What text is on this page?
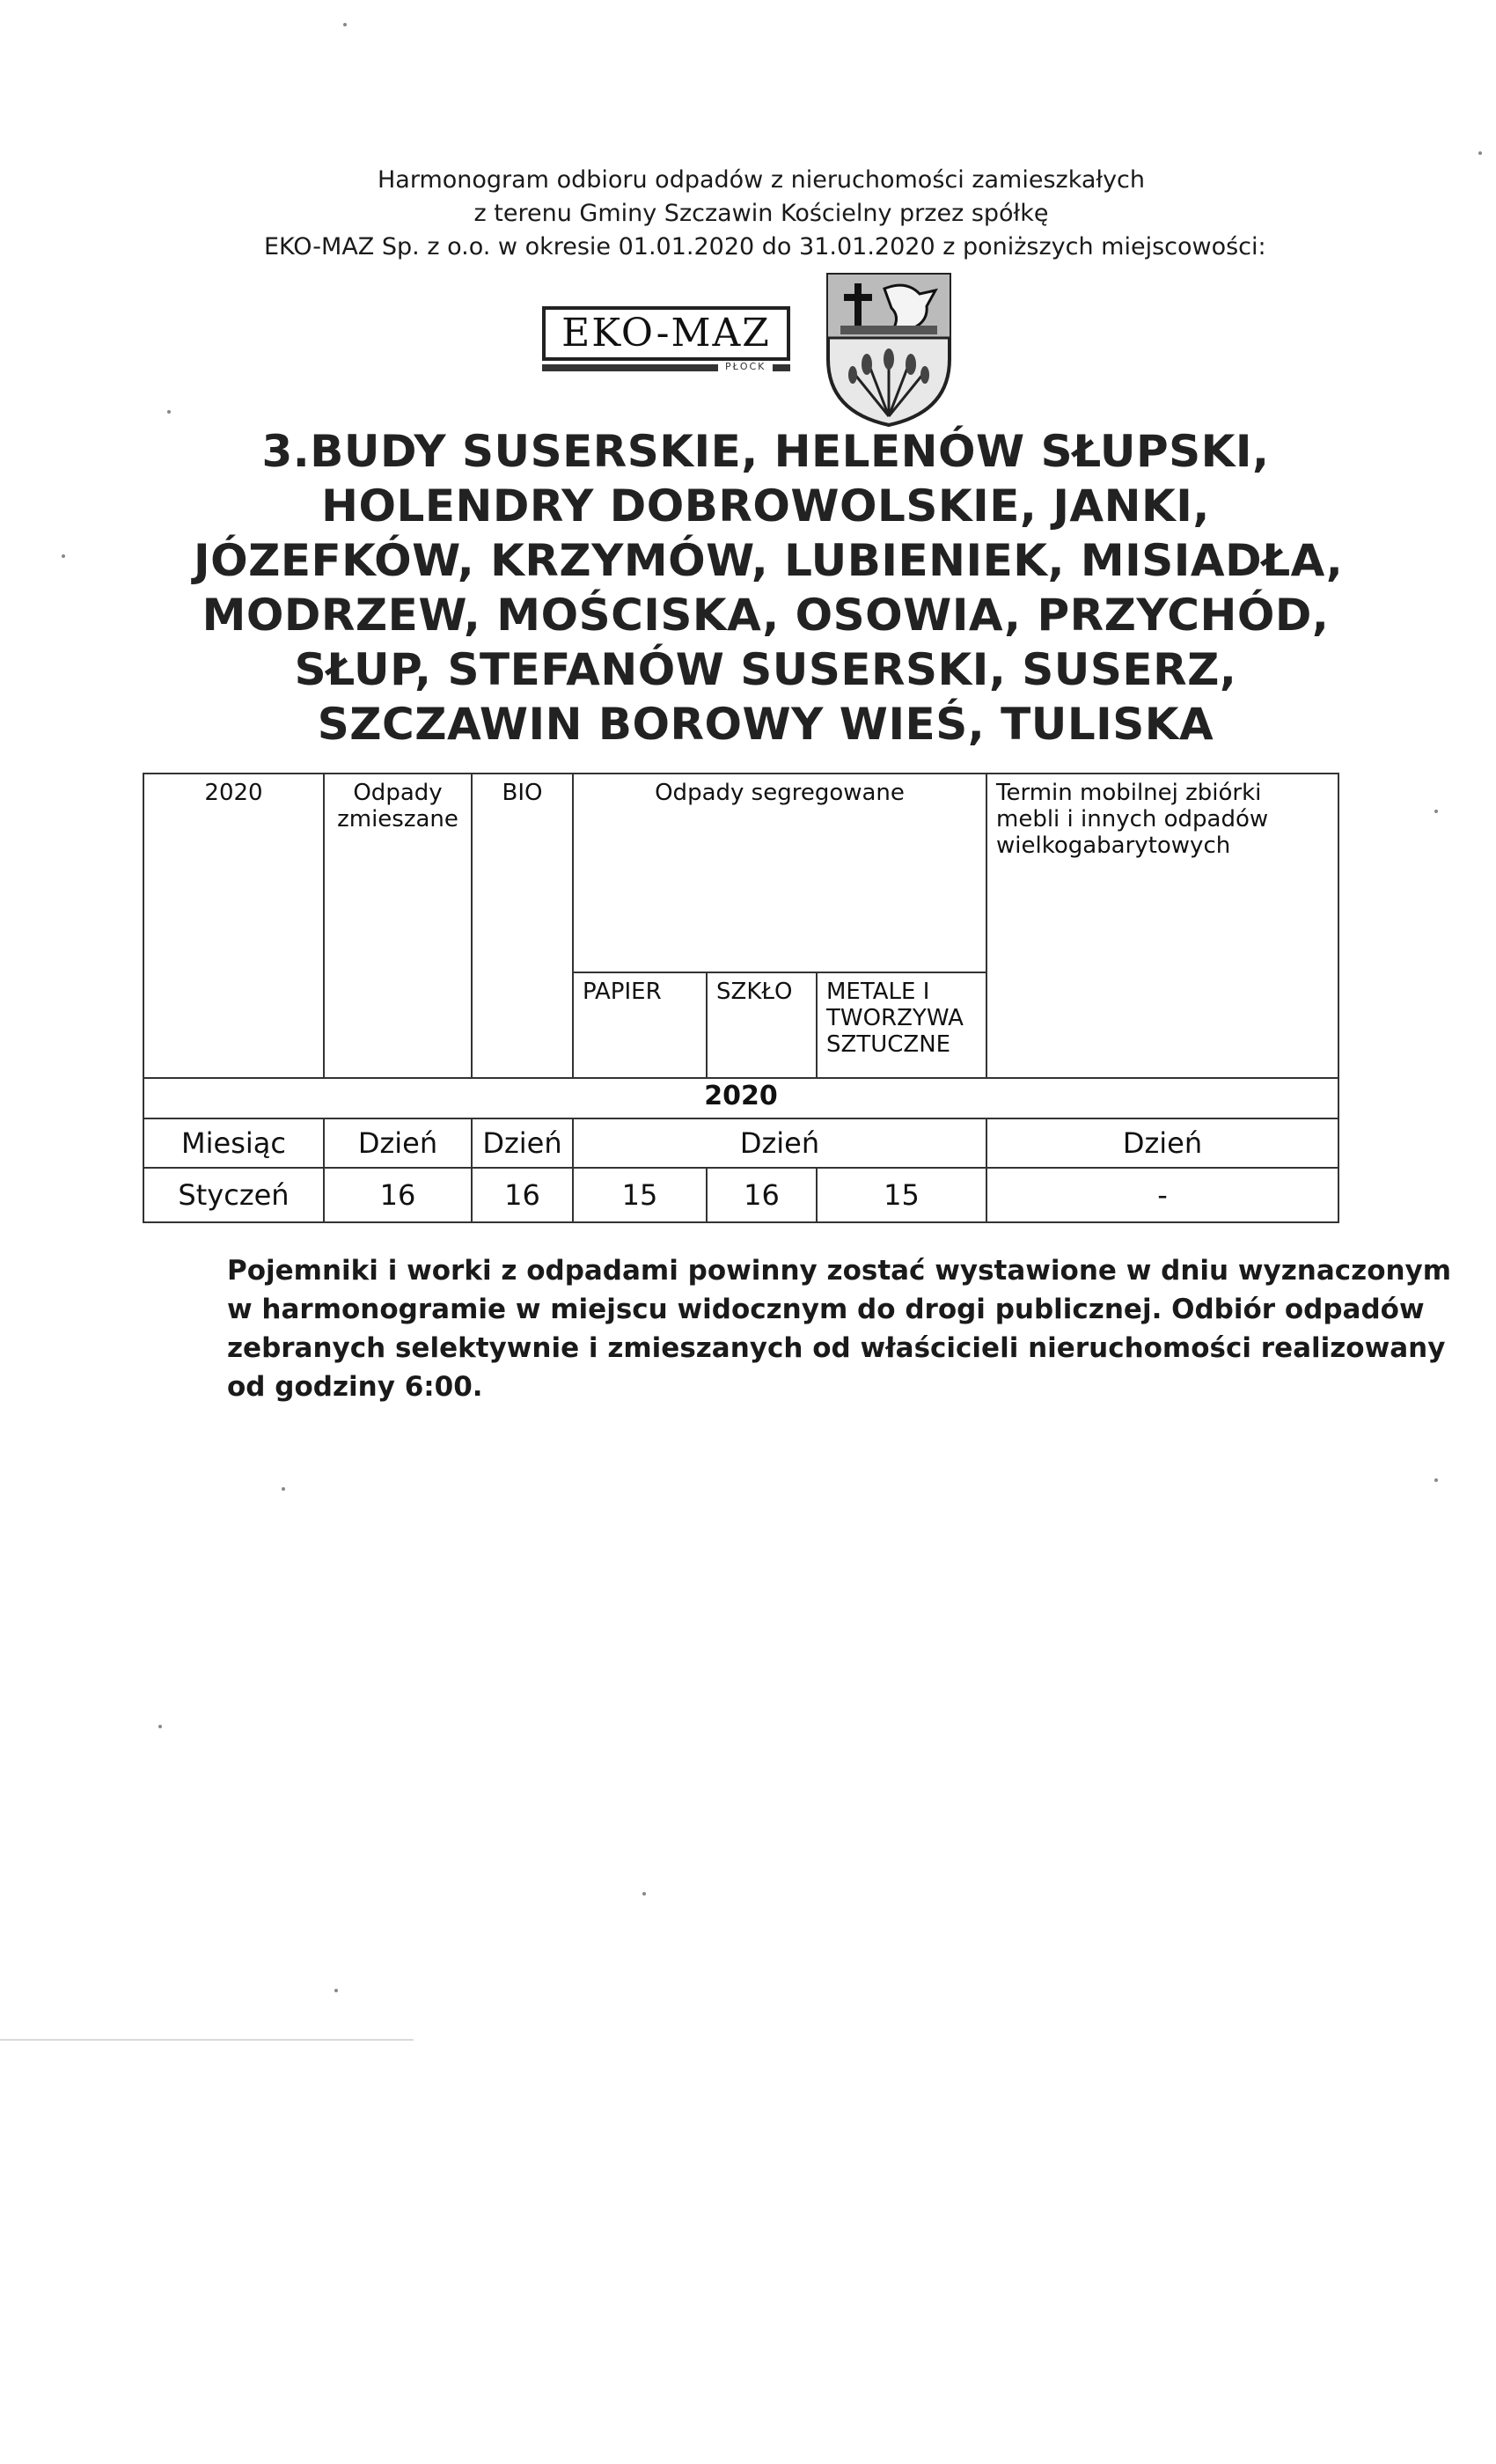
Harmonogram odbioru odpadów z nieruchomości zamieszkałych
z terenu Gminy Szczawin Kościelny przez spółkę
EKO-MAZ Sp. z o.o. w okresie 01.01.2020 do 31.01.2020 z poniższych miejscowości:
EKO-MAZ
PŁOCK
3.BUDY SUSERSKIE, HELENÓW SŁUPSKI,
HOLENDRY DOBROWOLSKIE, JANKI,
JÓZEFKÓW, KRZYMÓW, LUBIENIEK, MISIADŁA,
MODRZEW, MOŚCISKA, OSOWIA, PRZYCHÓD,
SŁUP, STEFANÓW SUSERSKI, SUSERZ,
SZCZAWIN BOROWY WIEŚ, TULISKA
2020	Odpady zmieszane	BIO	Odpady segregowane			Termin mobilnej zbiórki mebli i innych odpadów wielkogabarytowych
			PAPIER	SZKŁO	METALE I TWORZYWA SZTUCZNE	
2020						
Miesiąc	Dzień	Dzień	Dzień			Dzień
Styczeń	16	16	15	16	15	-
Pojemniki i worki z odpadami powinny zostać wystawione w dniu wyznaczonym
w harmonogramie w miejscu widocznym do drogi publicznej. Odbiór odpadów
zebranych selektywnie i zmieszanych od właścicieli nieruchomości realizowany
od godziny 6:00.
